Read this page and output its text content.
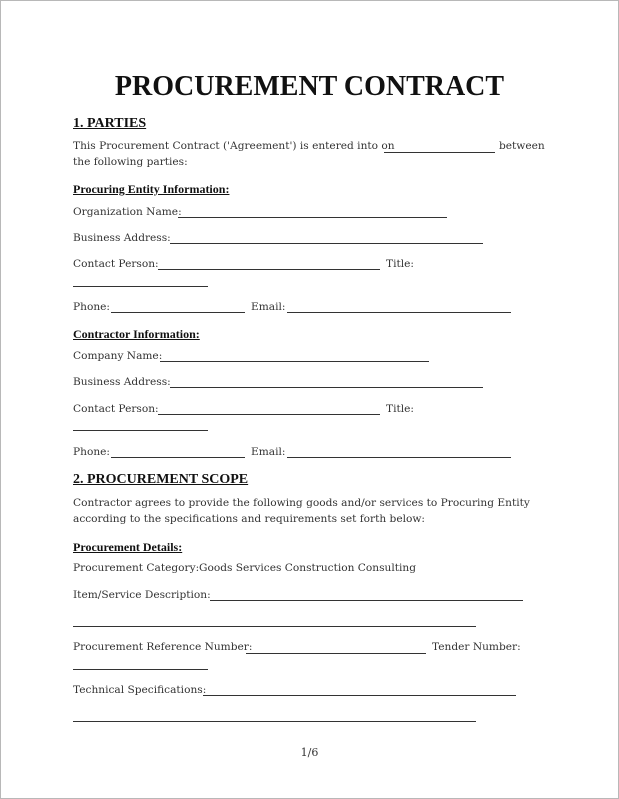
PROCUREMENT CONTRACT
1. PARTIES
This Procurement Contract ('Agreement') is entered into on	between
the following parties:
Procuring Entity Information:
Organization Name:
Business Address:
Contact Person:	Title:
Phone:	Email:
Contractor Information:
Company Name:
Business Address:
Contact Person:	Title:
Phone:	Email:
2. PROCUREMENT SCOPE
Contractor agrees to provide the following goods and/or services to Procuring Entity
according to the specifications and requirements set forth below:
Procurement Details:
Procurement Category: Goods Services Construction Consulting
Item/Service Description:
Procurement Reference Number:	Tender Number:
Technical Specifications:
1/6
